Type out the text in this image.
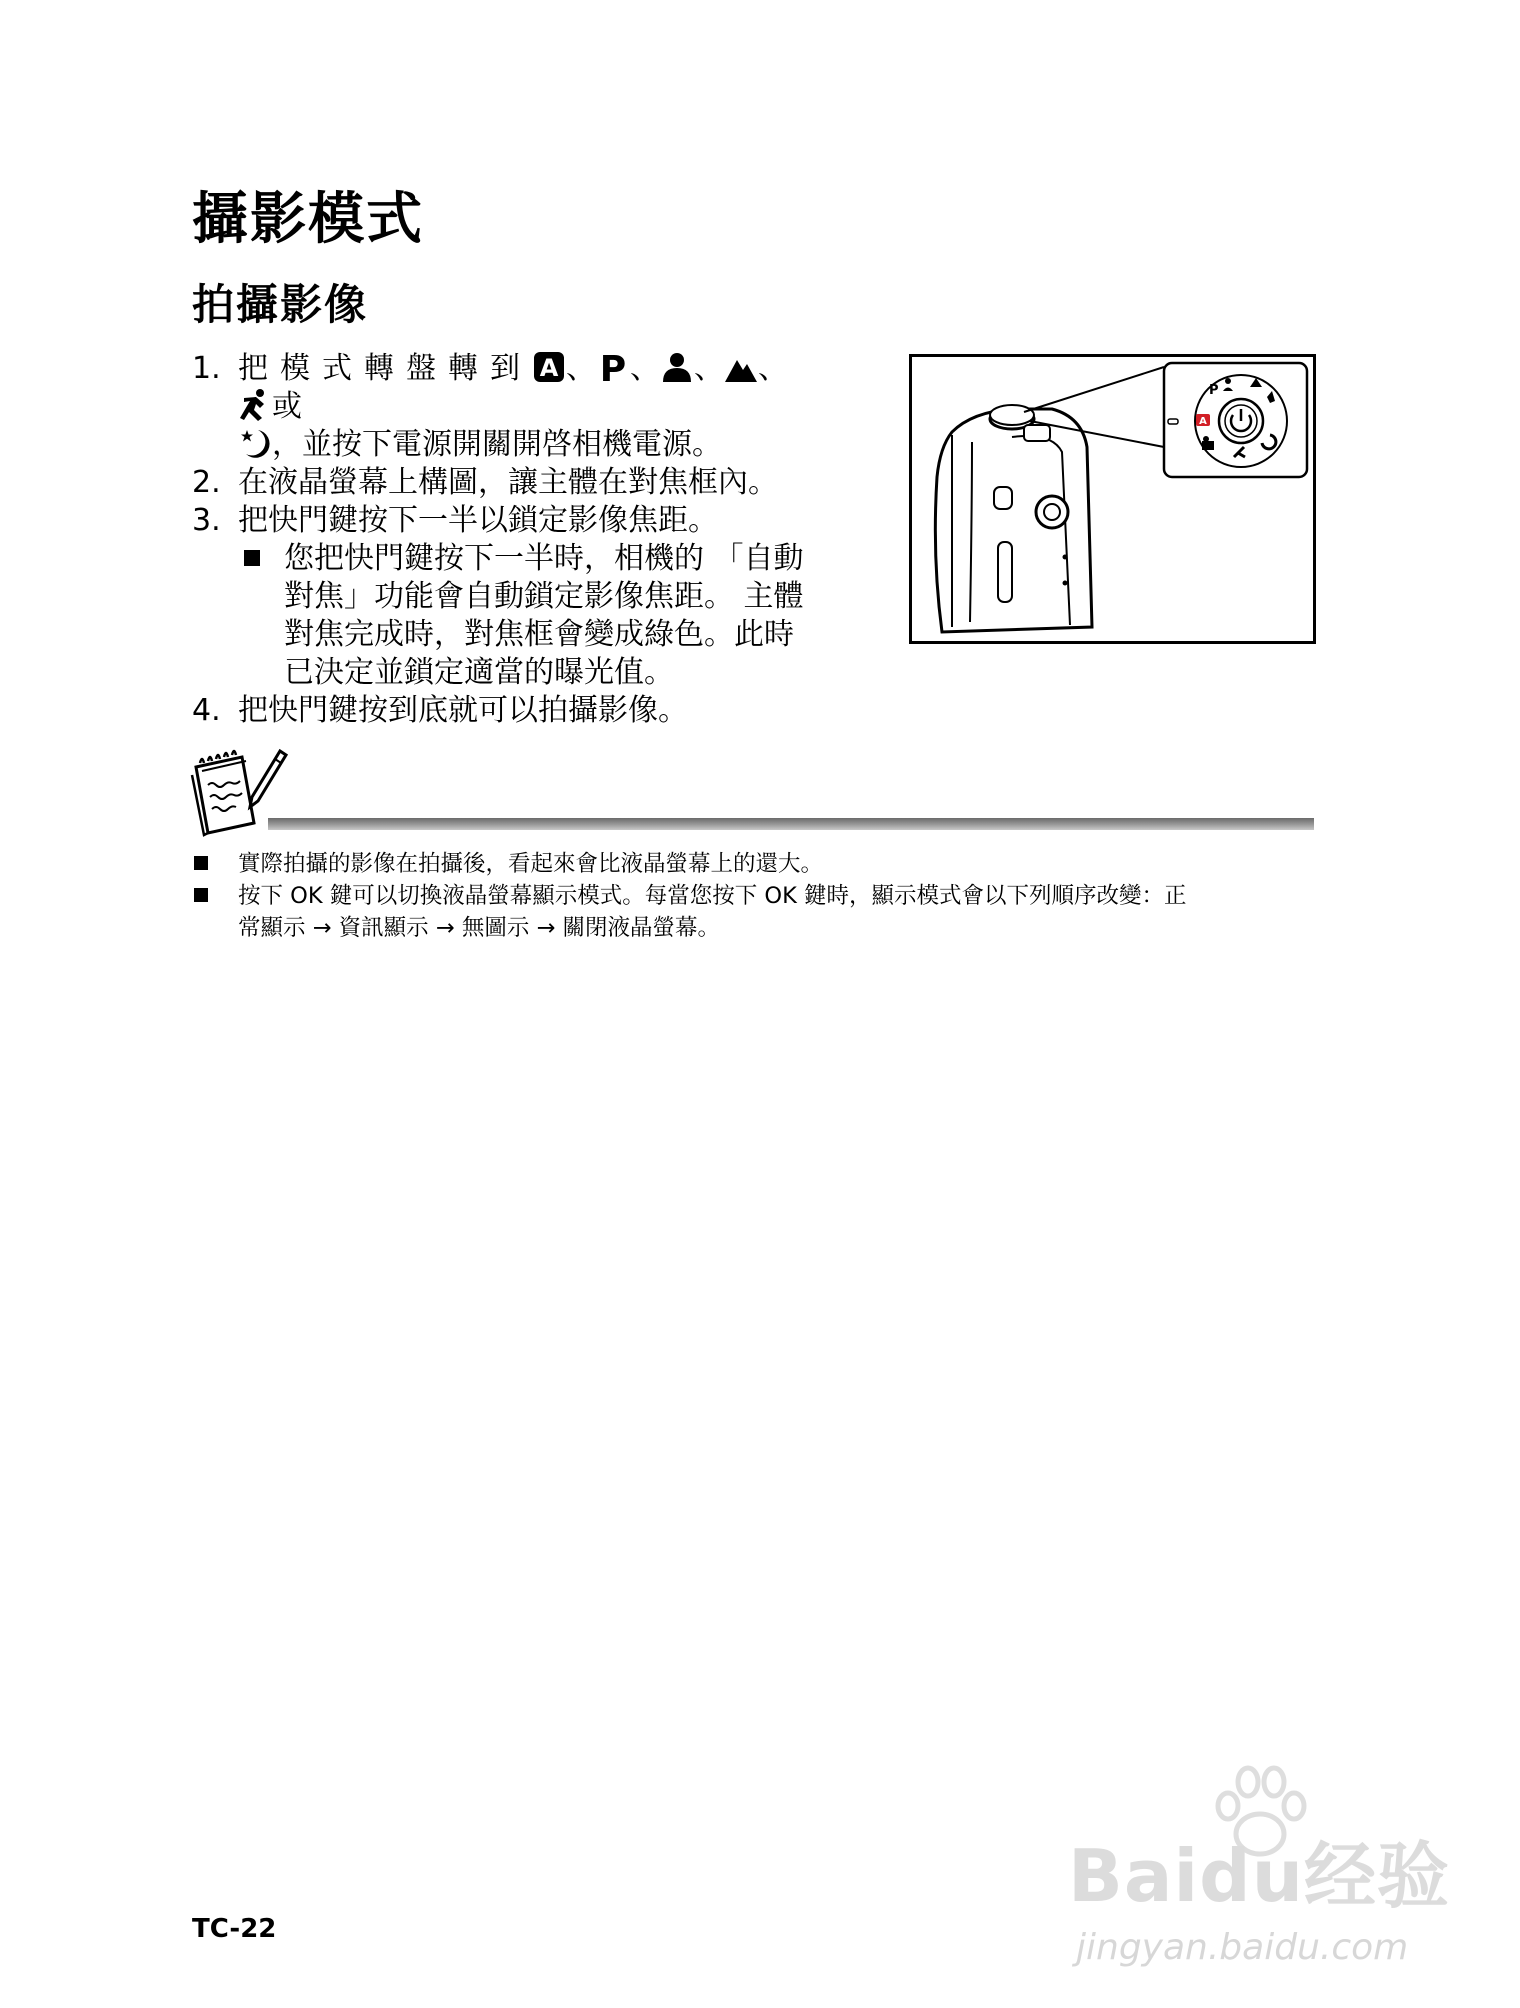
攝影模式
拍攝影像
1. 把模式轉盤轉到 A 、 P 、 、 、或
，並按下電源開關開啓相機電源。
2. 在液晶螢幕上構圖，讓主體在對焦框內。
3. 把快門鍵按下一半以鎖定影像焦距。
您把快門鍵按下一半時，相機的 「自動
對焦」功能會自動鎖定影像焦距。 主體
對焦完成時，對焦框會變成綠色。此時
已決定並鎖定適當的曝光值。
4. 把快門鍵按到底就可以拍攝影像。
A
P
實際拍攝的影像在拍攝後，看起來會比液晶螢幕上的還大。
按下 OK 鍵可以切換液晶螢幕顯示模式。每當您按下 OK 鍵時，顯示模式會以下列順序改變：正
常顯示 → 資訊顯示 → 無圖示 → 關閉液晶螢幕。
TC-22
Baidu经验
jingyan.baidu.com
